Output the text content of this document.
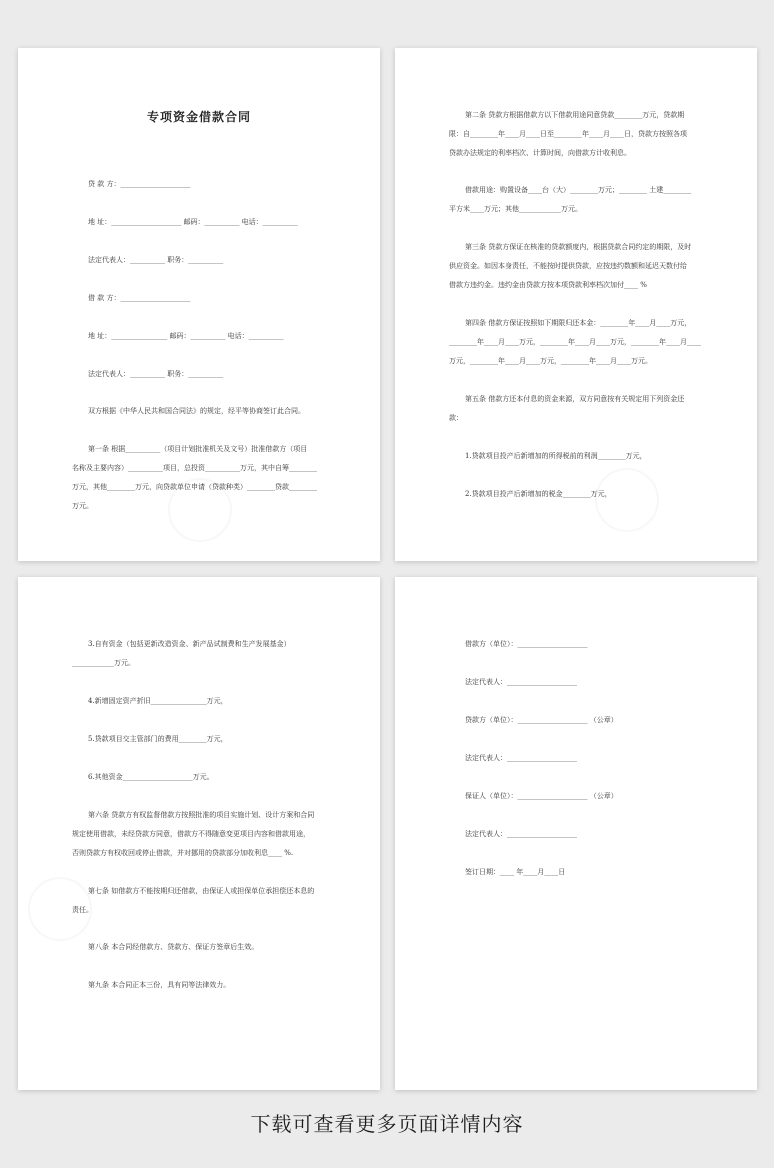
专项资金借款合同
贷 款 方：____________________
地 址：____________________ 邮码：__________ 电话：__________
法定代表人：__________ 职务：__________
借 款 方：____________________
地 址：________________ 邮码：__________ 电话：__________
法定代表人：__________ 职务：__________
双方根据《中华人民共和国合同法》的规定，经平等协商签订此合同。
第一条 根据__________（项目计划批准机关及文号）批准借款方（项目
名称及主要内容）__________项目，总投资__________万元，其中自筹________
万元，其他________万元，向贷款单位申请（贷款种类）________贷款________
万元。
第二条 贷款方根据借款方以下借款用途同意贷款________万元，贷款期
限：自________年____月____日至________年____月____日，贷款方按照各项
贷款办法规定的利率档次、计算时间，向借款方计收利息。
借款用途：购置设备____台（大）________万元；________ 土建________
平方米____万元；其他____________万元。
第三条 贷款方保证在核准的贷款额度内，根据贷款合同约定的期限，及时
供应资金。如因本身责任，不能按时提供贷款，应按违约数额和延迟天数付给
借款方违约金。违约金由贷款方按本项贷款利率档次加付____ %
第四条 借款方保证按照如下期限归还本金：________年____月____万元，
________年____月____万元，________年____月____万元，________年____月____
万元，________年____月____万元，________年____月____万元。
第五条 借款方还本付息的资金来源，双方同意按有关规定用下列资金还
款：
1.贷款项目投产后新增加的所得税前的利润________万元，
2.贷款项目投产后新增加的税金________万元，
3.自有资金（包括更新改造资金、新产品试制费和生产发展基金）
____________万元。
4.新增固定资产折旧________________万元，
5.贷款项目交主管部门的费用________万元，
6.其他资金____________________万元。
第六条 贷款方有权监督借款方按照批准的项目实施计划、设计方案和合同
规定使用借款，未经贷款方同意，借款方不得随意变更项目内容和借款用途，
否则贷款方有权收回或停止借款，并对挪用的贷款部分加收利息____ %.
第七条 如借款方不能按期归还借款，由保证人或担保单位承担偿还本息的
责任。
第八条 本合同经借款方、贷款方、保证方签章后生效。
第九条 本合同正本三份，具有同等法律效力。
借款方（单位）：____________________
法定代表人：____________________
贷款方（单位）：____________________ （公章）
法定代表人：____________________
保证人（单位）：____________________ （公章）
法定代表人：____________________
签订日期：____ 年____月____日
下载可查看更多页面详情内容
